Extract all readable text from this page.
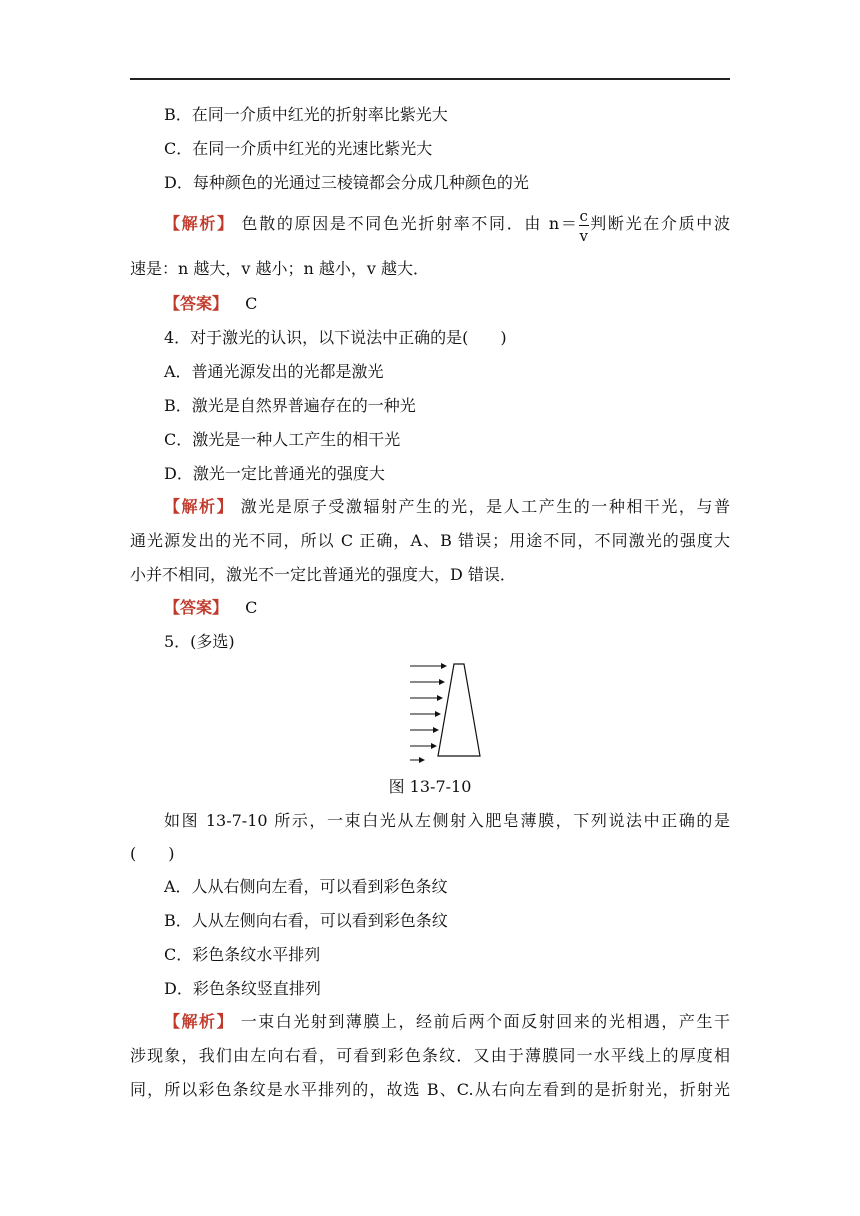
B．在同一介质中红光的折射率比紫光大
C．在同一介质中红光的光速比紫光大
D．每种颜色的光通过三棱镜都会分成几种颜色的光
【解析】 色散的原因是不同色光折射率不同．由 $n= \frac{c}{v}$ 判断光在介质中波
速是：n 越大，v 越小；n 越小，v 越大．
【答案】 C
4．对于激光的认识，以下说法中正确的是(　　)
A．普通光源发出的光都是激光
B．激光是自然界普遍存在的一种光
C．激光是一种人工产生的相干光
D．激光一定比普通光的强度大
【解析】 激光是原子受激辐射产生的光，是人工产生的一种相干光，与普
通光源发出的光不同，所以 C 正确，A、B 错误；用途不同，不同激光的强度大
小并不相同，激光不一定比普通光的强度大，D 错误．
【答案】 C
5．(多选)
图 13-7-10
如图 13-7-10 所示，一束白光从左侧射入肥皂薄膜，下列说法中正确的是
(　　)
A．人从右侧向左看，可以看到彩色条纹
B．人从左侧向右看，可以看到彩色条纹
C．彩色条纹水平排列
D．彩色条纹竖直排列
【解析】 一束白光射到薄膜上，经前后两个面反射回来的光相遇，产生干
涉现象，我们由左向右看，可看到彩色条纹．又由于薄膜同一水平线上的厚度相
同，所以彩色条纹是水平排列的，故选 B、C.从右向左看到的是折射光，折射光
